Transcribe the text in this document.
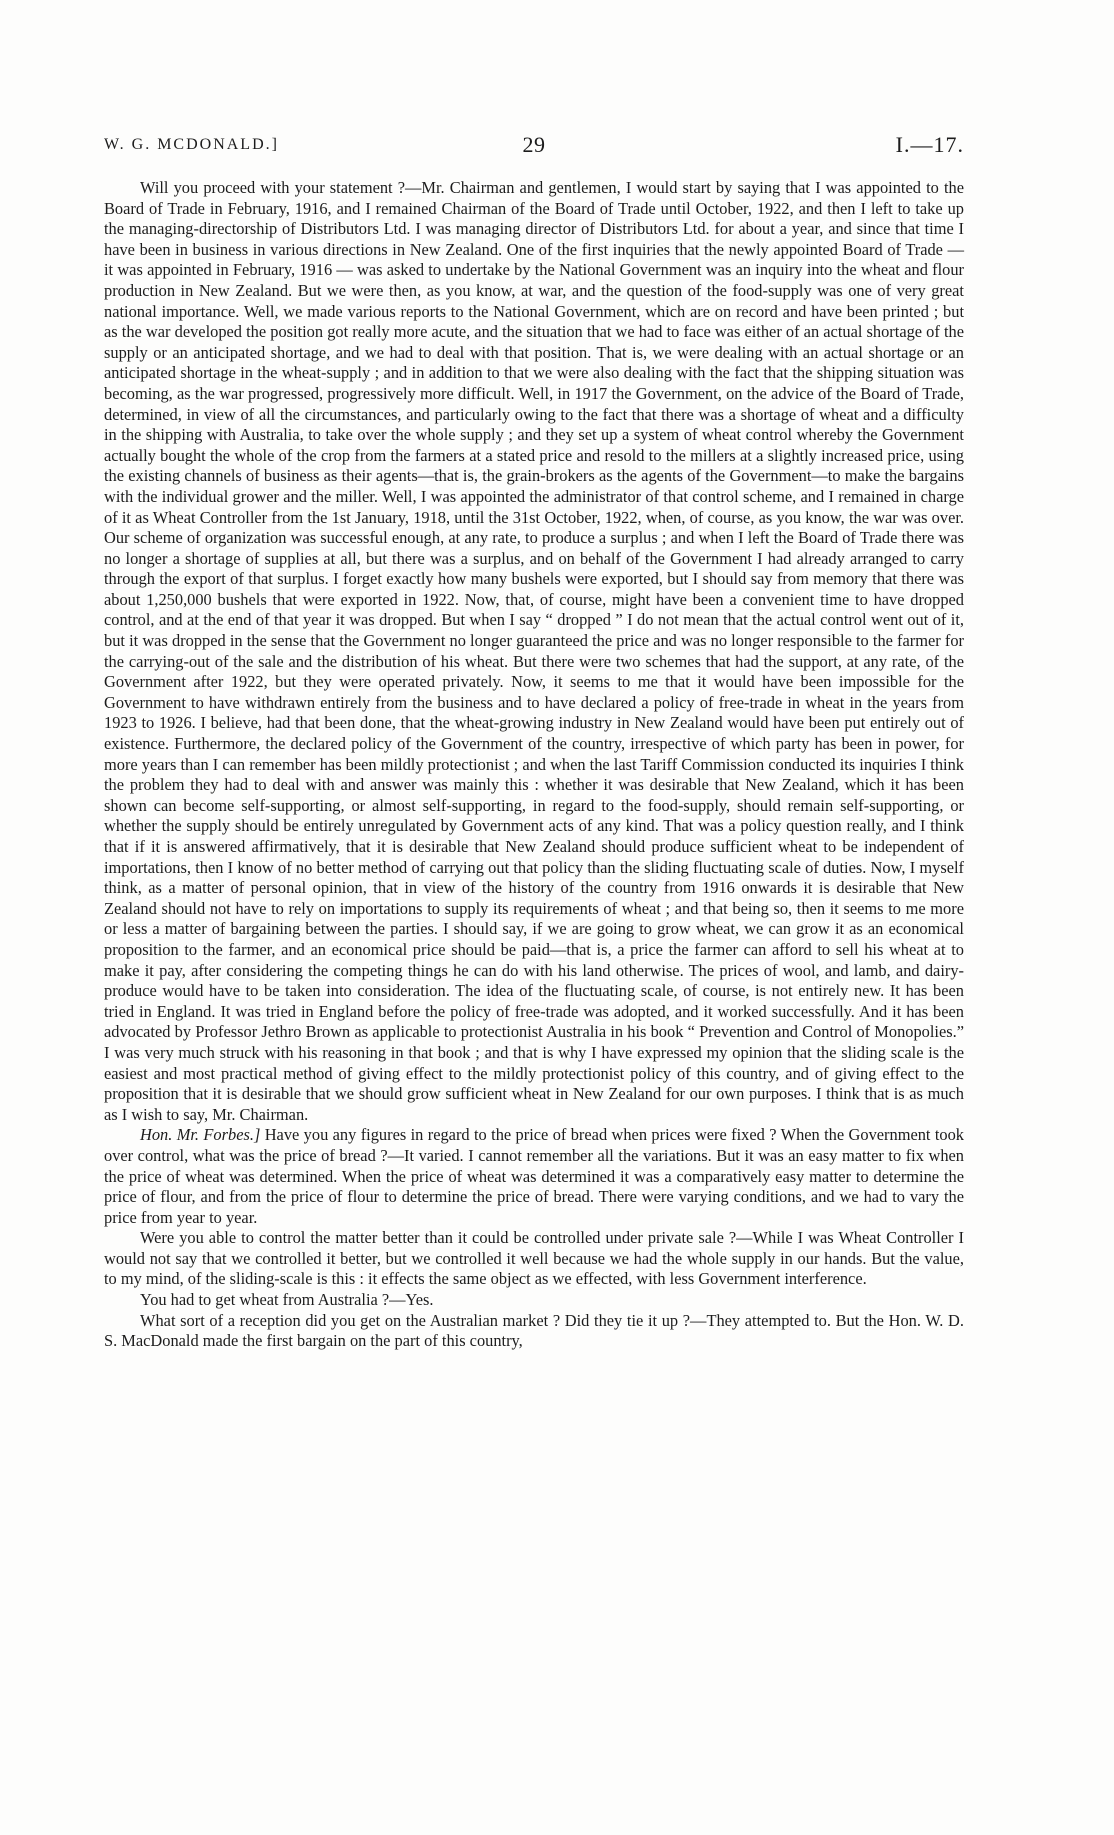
W. G. MCDONALD.]	29	I.—17.

Will you proceed with your statement ?—Mr. Chairman and gentlemen, I would start by saying that I was appointed to the Board of Trade in February, 1916, and I remained Chairman of the Board of Trade until October, 1922, and then I left to take up the managing-directorship of Distributors Ltd. I was managing director of Distributors Ltd. for about a year, and since that time I have been in business in various directions in New Zealand. One of the first inquiries that the newly appointed Board of Trade — it was appointed in February, 1916 — was asked to undertake by the National Government was an inquiry into the wheat and flour production in New Zealand. But we were then, as you know, at war, and the question of the food-supply was one of very great national importance. Well, we made various reports to the National Government, which are on record and have been printed ; but as the war developed the position got really more acute, and the situation that we had to face was either of an actual shortage of the supply or an anticipated shortage, and we had to deal with that position. That is, we were dealing with an actual shortage or an anticipated shortage in the wheat-supply ; and in addition to that we were also dealing with the fact that the shipping situation was becoming, as the war progressed, progressively more difficult. Well, in 1917 the Government, on the advice of the Board of Trade, determined, in view of all the circumstances, and particularly owing to the fact that there was a shortage of wheat and a difficulty in the shipping with Australia, to take over the whole supply ; and they set up a system of wheat control whereby the Government actually bought the whole of the crop from the farmers at a stated price and resold to the millers at a slightly increased price, using the existing channels of business as their agents—that is, the grain-brokers as the agents of the Government—to make the bargains with the individual grower and the miller. Well, I was appointed the administrator of that control scheme, and I remained in charge of it as Wheat Controller from the 1st January, 1918, until the 31st October, 1922, when, of course, as you know, the war was over. Our scheme of organization was successful enough, at any rate, to produce a surplus ; and when I left the Board of Trade there was no longer a shortage of supplies at all, but there was a surplus, and on behalf of the Government I had already arranged to carry through the export of that surplus. I forget exactly how many bushels were exported, but I should say from memory that there was about 1,250,000 bushels that were exported in 1922. Now, that, of course, might have been a convenient time to have dropped control, and at the end of that year it was dropped. But when I say “ dropped ” I do not mean that the actual control went out of it, but it was dropped in the sense that the Government no longer guaranteed the price and was no longer responsible to the farmer for the carrying-out of the sale and the distribution of his wheat. But there were two schemes that had the support, at any rate, of the Government after 1922, but they were operated privately. Now, it seems to me that it would have been impossible for the Government to have withdrawn entirely from the business and to have declared a policy of free-trade in wheat in the years from 1923 to 1926. I believe, had that been done, that the wheat-growing industry in New Zealand would have been put entirely out of existence. Furthermore, the declared policy of the Government of the country, irrespective of which party has been in power, for more years than I can remember has been mildly protectionist ; and when the last Tariff Commission conducted its inquiries I think the problem they had to deal with and answer was mainly this : whether it was desirable that New Zealand, which it has been shown can become self-supporting, or almost self-supporting, in regard to the food-supply, should remain self-supporting, or whether the supply should be entirely unregulated by Government acts of any kind. That was a policy question really, and I think that if it is answered affirmatively, that it is desirable that New Zealand should produce sufficient wheat to be independent of importations, then I know of no better method of carrying out that policy than the sliding fluctuating scale of duties. Now, I myself think, as a matter of personal opinion, that in view of the history of the country from 1916 onwards it is desirable that New Zealand should not have to rely on importations to supply its requirements of wheat ; and that being so, then it seems to me more or less a matter of bargaining between the parties. I should say, if we are going to grow wheat, we can grow it as an economical proposition to the farmer, and an economical price should be paid—that is, a price the farmer can afford to sell his wheat at to make it pay, after considering the competing things he can do with his land otherwise. The prices of wool, and lamb, and dairy-produce would have to be taken into consideration. The idea of the fluctuating scale, of course, is not entirely new. It has been tried in England. It was tried in England before the policy of free-trade was adopted, and it worked successfully. And it has been advocated by Professor Jethro Brown as applicable to protectionist Australia in his book “ Prevention and Control of Monopolies.” I was very much struck with his reasoning in that book ; and that is why I have expressed my opinion that the sliding scale is the easiest and most practical method of giving effect to the mildly protectionist policy of this country, and of giving effect to the proposition that it is desirable that we should grow sufficient wheat in New Zealand for our own purposes. I think that is as much as I wish to say, Mr. Chairman.

Hon. Mr. Forbes.] Have you any figures in regard to the price of bread when prices were fixed ? When the Government took over control, what was the price of bread ?—It varied. I cannot remember all the variations. But it was an easy matter to fix when the price of wheat was determined. When the price of wheat was determined it was a comparatively easy matter to determine the price of flour, and from the price of flour to determine the price of bread. There were varying conditions, and we had to vary the price from year to year.

Were you able to control the matter better than it could be controlled under private sale ?—While I was Wheat Controller I would not say that we controlled it better, but we controlled it well because we had the whole supply in our hands. But the value, to my mind, of the sliding-scale is this : it effects the same object as we effected, with less Government interference.

You had to get wheat from Australia ?—Yes.

What sort of a reception did you get on the Australian market ? Did they tie it up ?—They attempted to. But the Hon. W. D. S. MacDonald made the first bargain on the part of this country,
